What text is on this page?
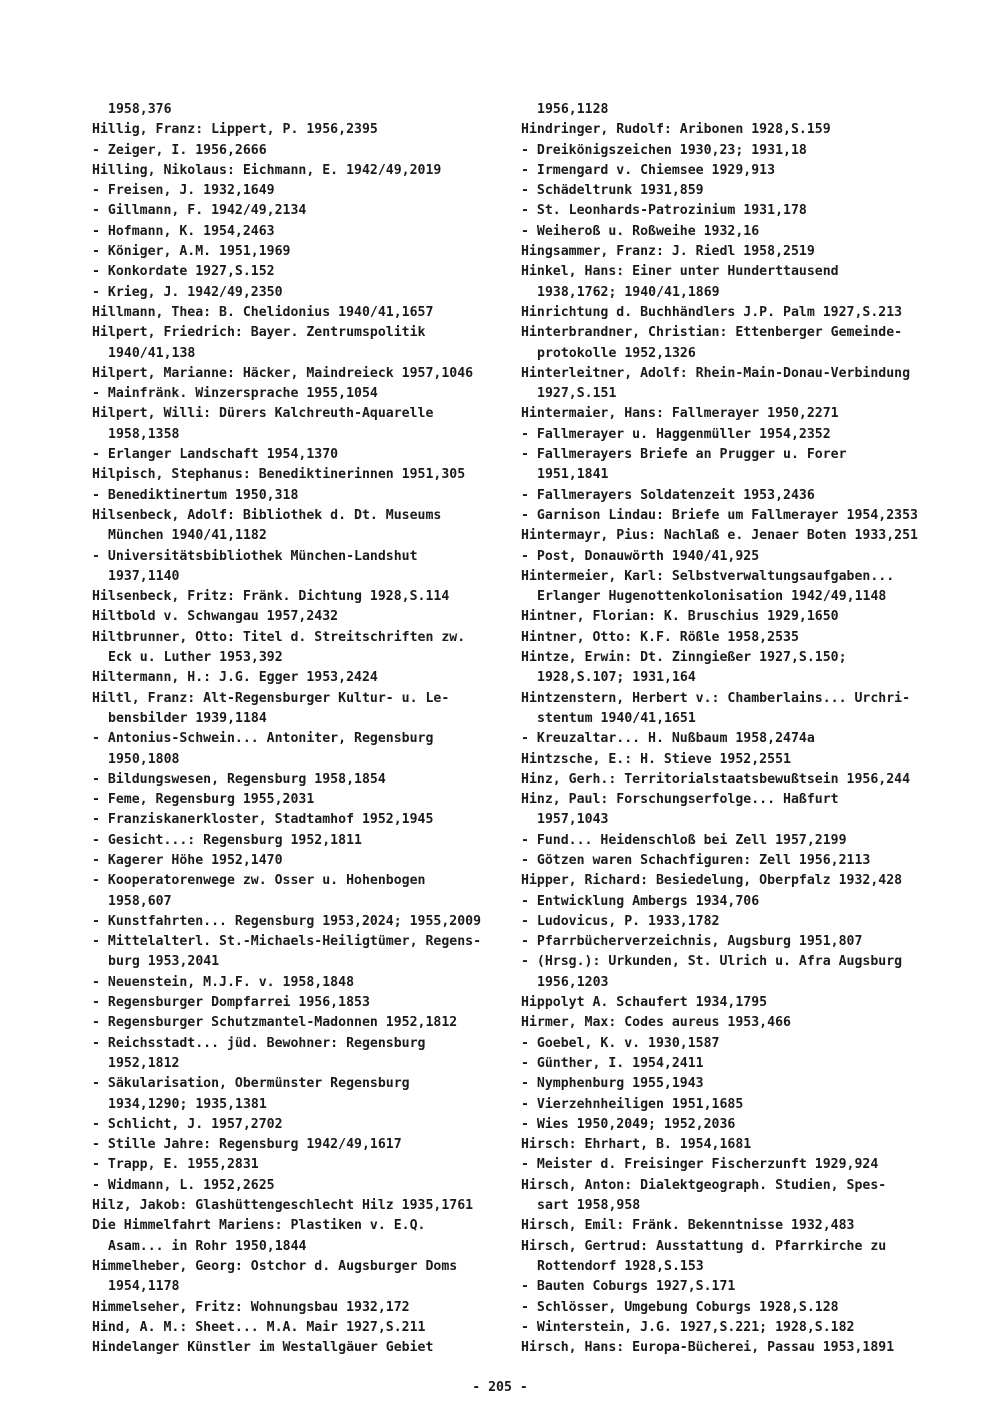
1958,376
Hillig, Franz: Lippert, P. 1956,2395
- Zeiger, I. 1956,2666
Hilling, Nikolaus: Eichmann, E. 1942/49,2019
- Freisen, J. 1932,1649
- Gillmann, F. 1942/49,2134
- Hofmann, K. 1954,2463
- Königer, A.M. 1951,1969
- Konkordate 1927,S.152
- Krieg, J. 1942/49,2350
Hillmann, Thea: B. Chelidonius 1940/41,1657
Hilpert, Friedrich: Bayer. Zentrumspolitik
1940/41,138
Hilpert, Marianne: Häcker, Maindreieck 1957,1046
- Mainfränk. Winzersprache 1955,1054
Hilpert, Willi: Dürers Kalchreuth-Aquarelle
1958,1358
- Erlanger Landschaft 1954,1370
Hilpisch, Stephanus: Benediktinerinnen 1951,305
- Benediktinertum 1950,318
Hilsenbeck, Adolf: Bibliothek d. Dt. Museums
München 1940/41,1182
- Universitätsbibliothek München-Landshut
1937,1140
Hilsenbeck, Fritz: Fränk. Dichtung 1928,S.114
Hiltbold v. Schwangau 1957,2432
Hiltbrunner, Otto: Titel d. Streitschriften zw.
Eck u. Luther 1953,392
Hiltermann, H.: J.G. Egger 1953,2424
Hiltl, Franz: Alt-Regensburger Kultur- u. Le-
bensbilder 1939,1184
- Antonius-Schwein... Antoniter, Regensburg
1950,1808
- Bildungswesen, Regensburg 1958,1854
- Feme, Regensburg 1955,2031
- Franziskanerkloster, Stadtamhof 1952,1945
- Gesicht...: Regensburg 1952,1811
- Kagerer Höhe 1952,1470
- Kooperatorenwege zw. Osser u. Hohenbogen
1958,607
- Kunstfahrten... Regensburg 1953,2024; 1955,2009
- Mittelalterl. St.-Michaels-Heiligtümer, Regens-
burg 1953,2041
- Neuenstein, M.J.F. v. 1958,1848
- Regensburger Dompfarrei 1956,1853
- Regensburger Schutzmantel-Madonnen 1952,1812
- Reichsstadt... jüd. Bewohner: Regensburg
1952,1812
- Säkularisation, Obermünster Regensburg
1934,1290; 1935,1381
- Schlicht, J. 1957,2702
- Stille Jahre: Regensburg 1942/49,1617
- Trapp, E. 1955,2831
- Widmann, L. 1952,2625
Hilz, Jakob: Glashüttengeschlecht Hilz 1935,1761
Die Himmelfahrt Mariens: Plastiken v. E.Q.
Asam... in Rohr 1950,1844
Himmelheber, Georg: Ostchor d. Augsburger Doms
1954,1178
Himmelseher, Fritz: Wohnungsbau 1932,172
Hind, A. M.: Sheet... M.A. Mair 1927,S.211
Hindelanger Künstler im Westallgäuer Gebiet
1956,1128
Hindringer, Rudolf: Aribonen 1928,S.159
- Dreikönigszeichen 1930,23; 1931,18
- Irmengard v. Chiemsee 1929,913
- Schädeltrunk 1931,859
- St. Leonhards-Patrozinium 1931,178
- Weiheroß u. Roßweihe 1932,16
Hingsammer, Franz: J. Riedl 1958,2519
Hinkel, Hans: Einer unter Hunderttausend
1938,1762; 1940/41,1869
Hinrichtung d. Buchhändlers J.P. Palm 1927,S.213
Hinterbrandner, Christian: Ettenberger Gemeinde-
protokolle 1952,1326
Hinterleitner, Adolf: Rhein-Main-Donau-Verbindung
1927,S.151
Hintermaier, Hans: Fallmerayer 1950,2271
- Fallmerayer u. Haggenmüller 1954,2352
- Fallmerayers Briefe an Prugger u. Forer
1951,1841
- Fallmerayers Soldatenzeit 1953,2436
- Garnison Lindau: Briefe um Fallmerayer 1954,2353
Hintermayr, Pius: Nachlaß e. Jenaer Boten 1933,251
- Post, Donauwörth 1940/41,925
Hintermeier, Karl: Selbstverwaltungsaufgaben...
Erlanger Hugenottenkolonisation 1942/49,1148
Hintner, Florian: K. Bruschius 1929,1650
Hintner, Otto: K.F. Rößle 1958,2535
Hintze, Erwin: Dt. Zinngießer 1927,S.150;
1928,S.107; 1931,164
Hintzenstern, Herbert v.: Chamberlains... Urchri-
stentum 1940/41,1651
- Kreuzaltar... H. Nußbaum 1958,2474a
Hintzsche, E.: H. Stieve 1952,2551
Hinz, Gerh.: Territorialstaatsbewußtsein 1956,244
Hinz, Paul: Forschungserfolge... Haßfurt
1957,1043
- Fund... Heidenschloß bei Zell 1957,2199
- Götzen waren Schachfiguren: Zell 1956,2113
Hipper, Richard: Besiedelung, Oberpfalz 1932,428
- Entwicklung Ambergs 1934,706
- Ludovicus, P. 1933,1782
- Pfarrbücherverzeichnis, Augsburg 1951,807
- (Hrsg.): Urkunden, St. Ulrich u. Afra Augsburg
1956,1203
Hippolyt A. Schaufert 1934,1795
Hirmer, Max: Codes aureus 1953,466
- Goebel, K. v. 1930,1587
- Günther, I. 1954,2411
- Nymphenburg 1955,1943
- Vierzehnheiligen 1951,1685
- Wies 1950,2049; 1952,2036
Hirsch: Ehrhart, B. 1954,1681
- Meister d. Freisinger Fischerzunft 1929,924
Hirsch, Anton: Dialektgeograph. Studien, Spes-
sart 1958,958
Hirsch, Emil: Fränk. Bekenntnisse 1932,483
Hirsch, Gertrud: Ausstattung d. Pfarrkirche zu
Rottendorf 1928,S.153
- Bauten Coburgs 1927,S.171
- Schlösser, Umgebung Coburgs 1928,S.128
- Winterstein, J.G. 1927,S.221; 1928,S.182
Hirsch, Hans: Europa-Bücherei, Passau 1953,1891
- 205 -
